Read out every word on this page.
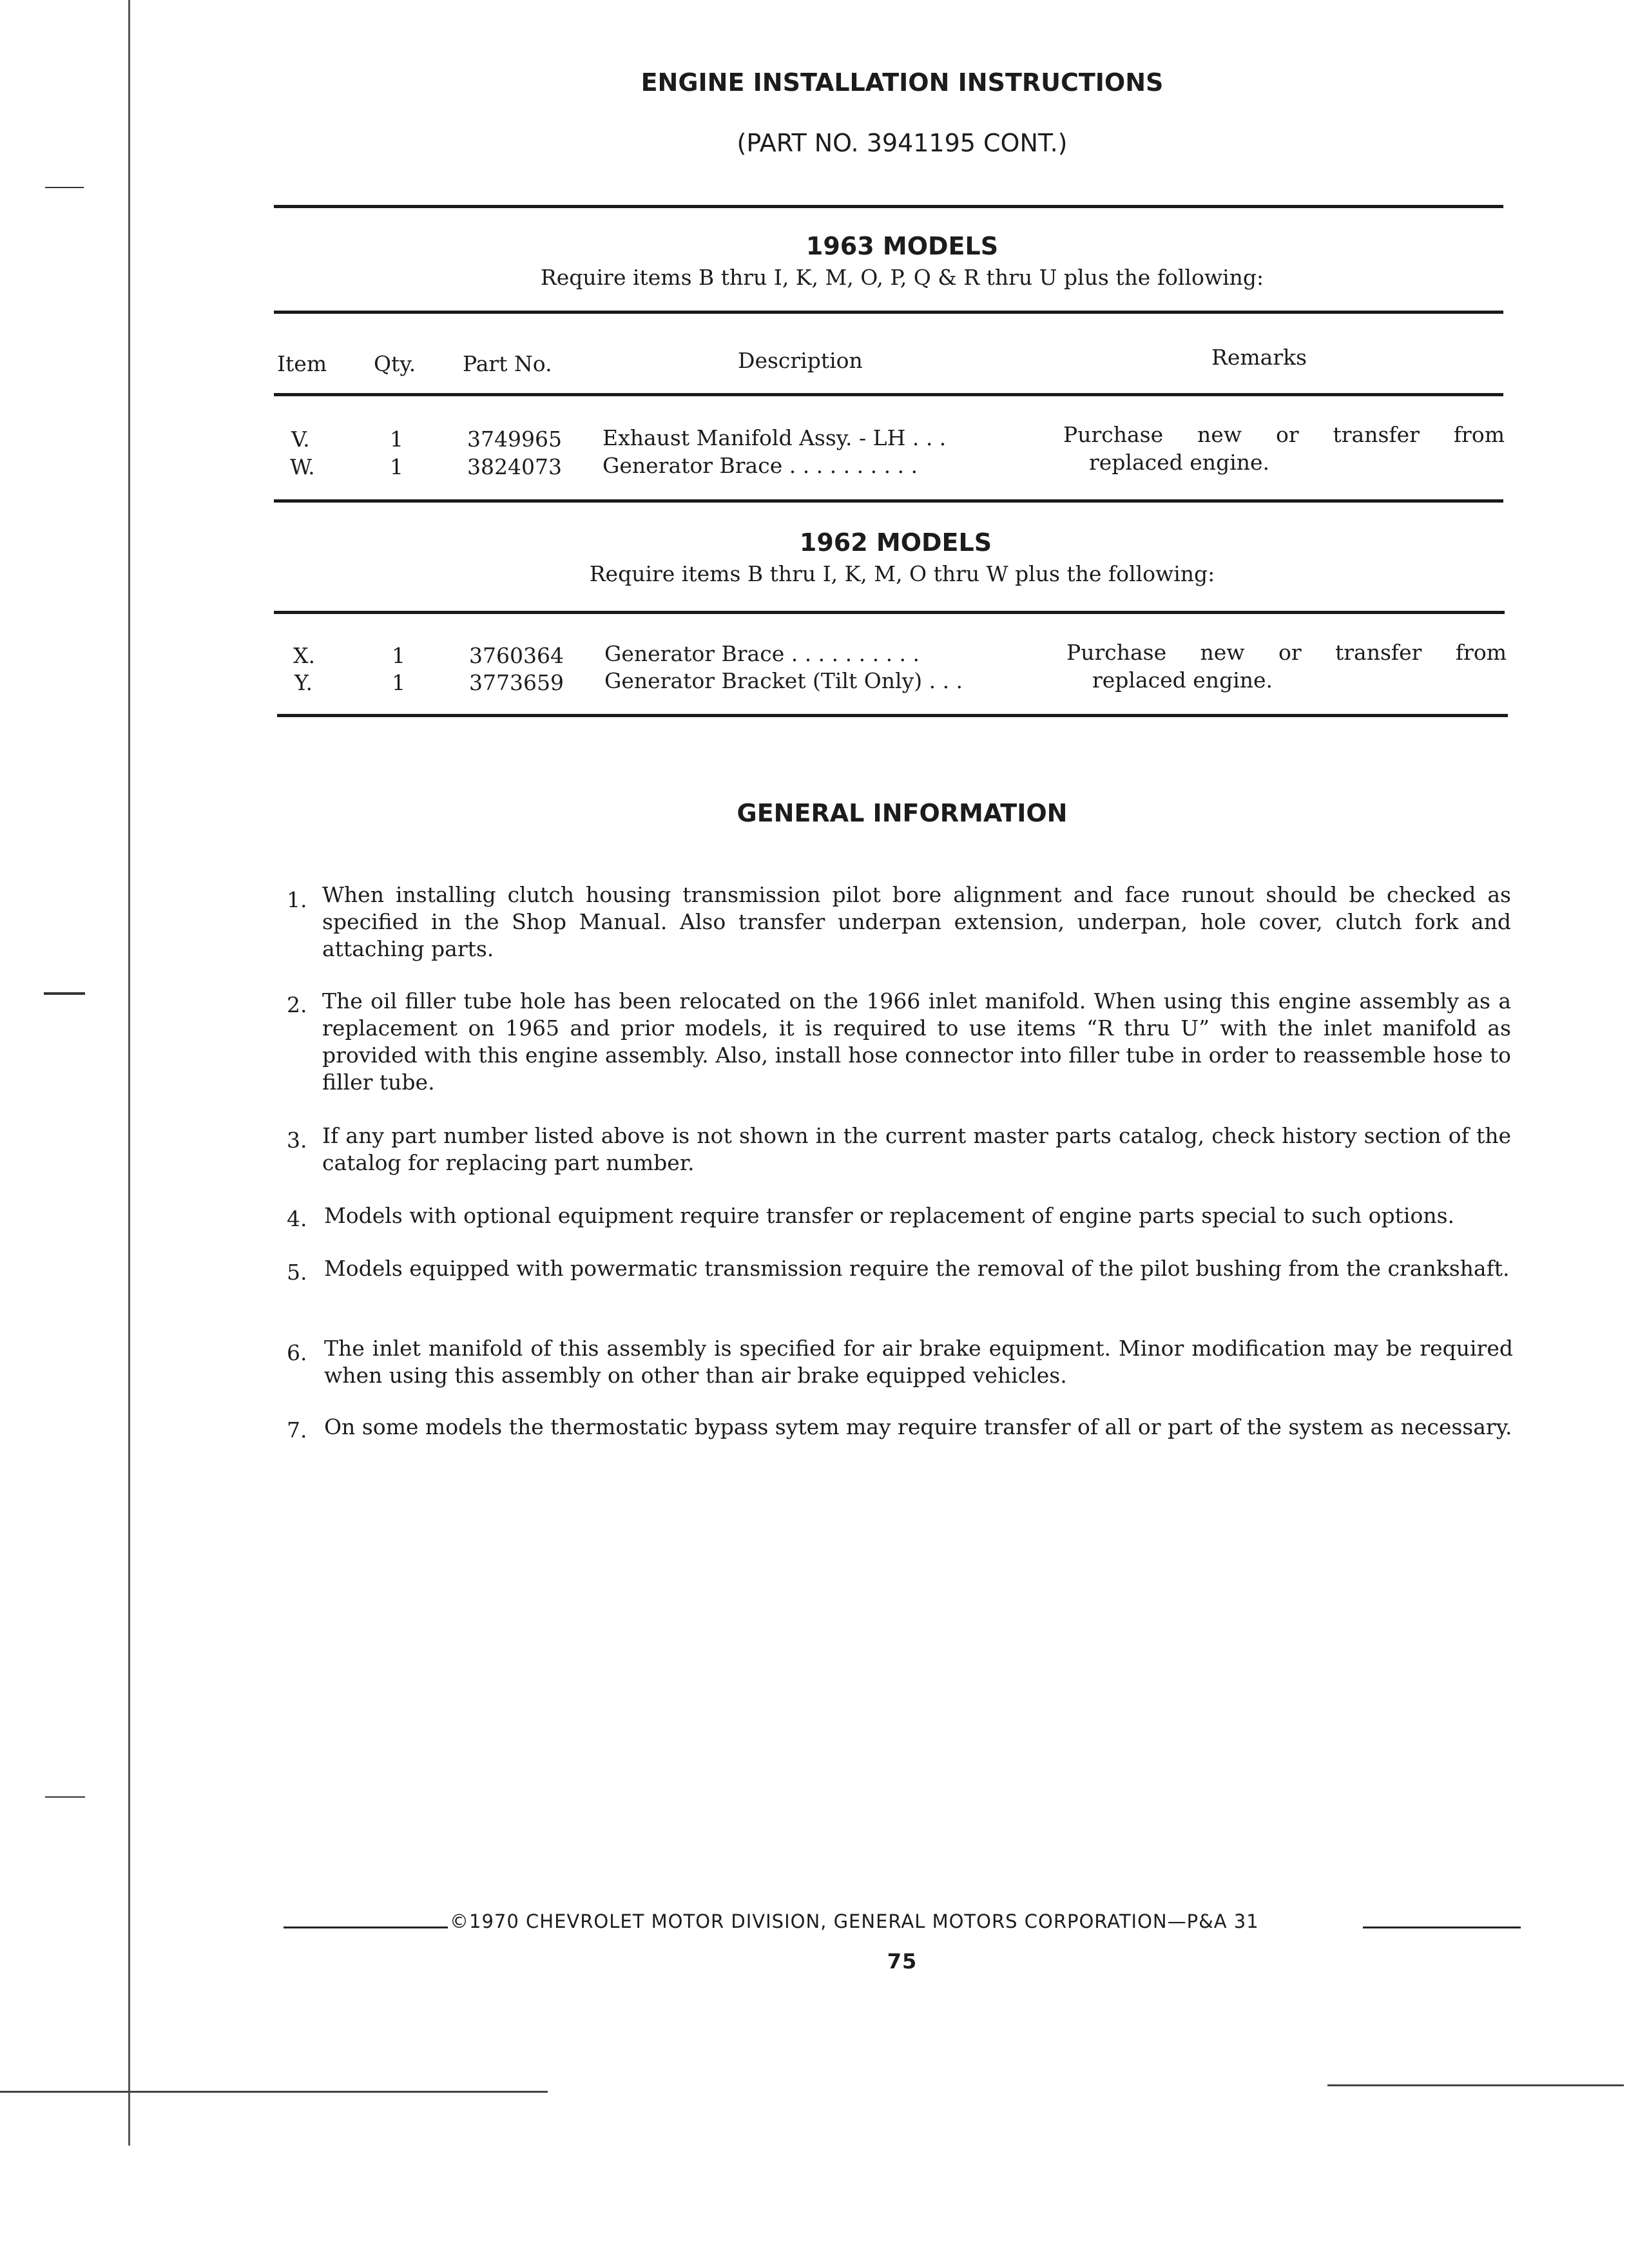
ENGINE INSTALLATION INSTRUCTIONS
(PART NO. 3941195 CONT.)
1963 MODELS
Require items B thru I, K, M, O, P, Q & R thru U plus the following:
Item Qty. Part No.	Description	Remarks
V.	1	3749965 Exhaust Manifold Assy. - LH . . .
W.	1	3824073 Generator Brace . . . . . . . . . .
Purchase new or transfer from
replaced engine.
1962 MODELS
Require items B thru I, K, M, O thru W plus the following:
X.	1	3760364 Generator Brace . . . . . . . . . .
Y.	1	3773659 Generator Bracket (Tilt Only) . . .
Purchase new or transfer from
replaced engine.
GENERAL INFORMATION
1. When installing clutch housing transmission pilot bore alignment and face runout should be checked as specified in the Shop Manual. Also transfer underpan extension, underpan, hole cover, clutch fork and attaching parts.
2. The oil filler tube hole has been relocated on the 1966 inlet manifold. When using this engine assembly as a replacement on 1965 and prior models, it is required to use items “R thru U” with the inlet manifold as provided with this engine assembly. Also, install hose connector into filler tube in order to reassemble hose to filler tube.
3. If any part number listed above is not shown in the current master parts catalog, check history section of the catalog for replacing part number.
4. Models with optional equipment require transfer or replacement of engine parts special to such options.
5. Models equipped with powermatic transmission require the removal of the pilot bushing from the crankshaft.
6. The inlet manifold of this assembly is specified for air brake equipment. Minor modification may be required when using this assembly on other than air brake equipped vehicles.
7. On some models the thermostatic bypass sytem may require transfer of all or part of the system as necessary.
©1970 CHEVROLET MOTOR DIVISION, GENERAL MOTORS CORPORATION—P&A 31
75
